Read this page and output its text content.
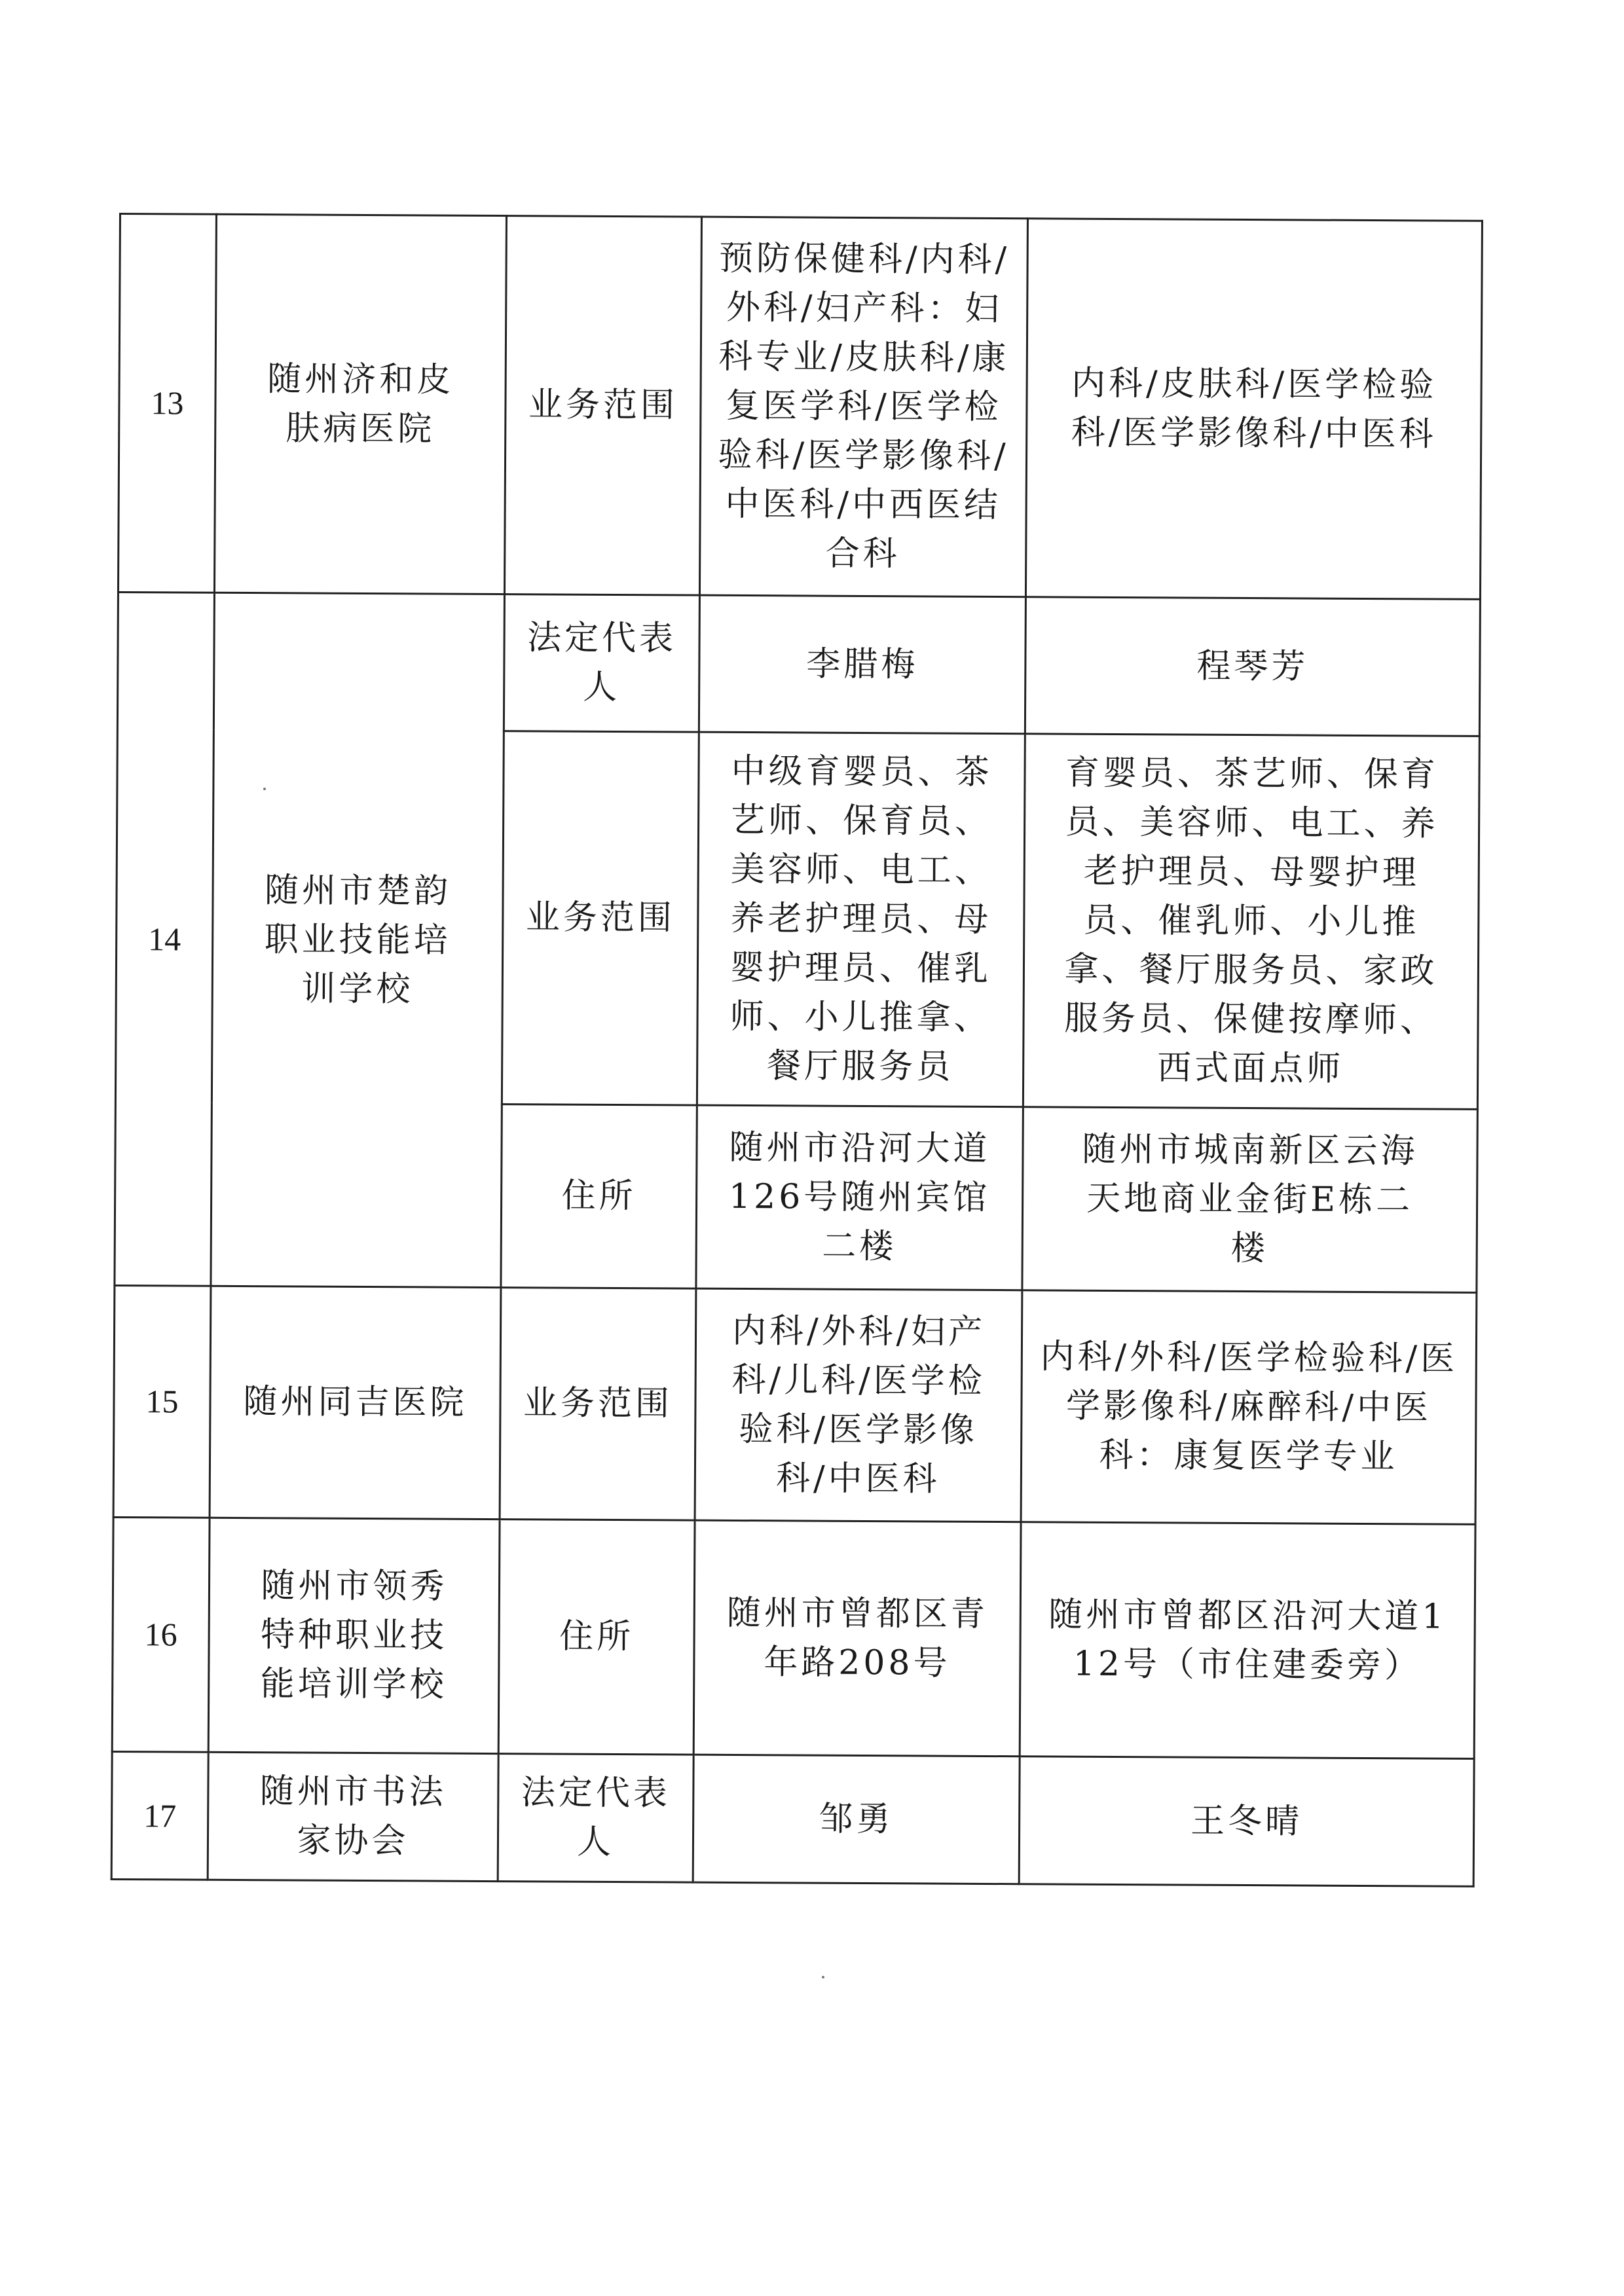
13	随州济和皮肤病医院	业务范围	预防保健科/内科/外科/妇产科：妇科专业/皮肤科/康复医学科/医学检验科/医学影像科/中医科/中西医结合科	内科/皮肤科/医学检验科/医学影像科/中医科
14	随州市楚韵职业技能培训学校	法定代表人	李腊梅	程琴芳
		业务范围	中级育婴员、茶艺师、保育员、美容师、电工、养老护理员、母婴护理员、催乳师、小儿推拿、餐厅服务员	育婴员、茶艺师、保育员、美容师、电工、养老护理员、母婴护理员、催乳师、小儿推拿、餐厅服务员、家政服务员、保健按摩师、西式面点师
		住所	随州市沿河大道126号随州宾馆二楼	随州市城南新区云海天地商业金街E栋二楼
15	随州同吉医院	业务范围	内科/外科/妇产科/儿科/医学检验科/医学影像科/中医科	内科/外科/医学检验科/医学影像科/麻醉科/中医科：康复医学专业
16	随州市领秀特种职业技能培训学校	住所	随州市曾都区青年路208号	随州市曾都区沿河大道112号（市住建委旁）
17	随州市书法家协会	法定代表人	邹勇	王冬晴
